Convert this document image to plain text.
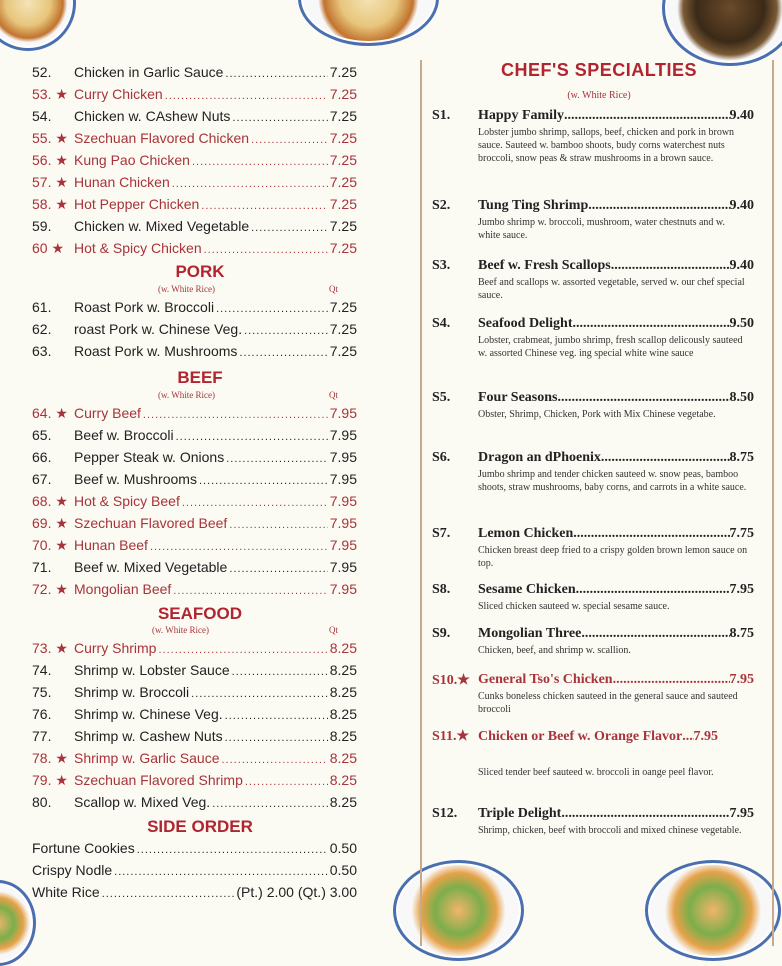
PORK
(w. White Rice)	Qt
BEEF
(w. White Rice)	Qt
SEAFOOD
(w. White Rice)	Qt
SIDE ORDER
52.	Chicken in Garlic Sauce .....	7.25
53. ★ Curry Chicken .....	7.25
54.	Chicken w. CAshew Nuts .....	7.25
55. ★ Szechuan Flavored Chicken .....	7.25
56. ★ Kung Pao Chicken .....	7.25
57. ★ Hunan Chicken .....	7.25
58. ★ Hot Pepper Chicken .....	7.25
59.	Chicken w. Mixed Vegetable .....	7.25
60 ★ Hot & Spicy Chicken .....	7.25
61.	Roast Pork w. Broccoli .....	7.25
62.	roast Pork w. Chinese Veg. .....	7.25
63.	Roast Pork w. Mushrooms .....	7.25
64. ★ Curry Beef .....	7.95
65.	Beef w. Broccoli .....	7.95
66.	Pepper Steak w. Onions .....	7.95
67.	Beef w. Mushrooms .....	7.95
68. ★ Hot & Spicy Beef .....	7.95
69. ★ Szechuan Flavored Beef .....	7.95
70. ★ Hunan Beef .....	7.95
71.	Beef w. Mixed Vegetable .....	7.95
72. ★ Mongolian Beef .....	7.95
73. ★ Curry Shrimp .....	8.25
74.	Shrimp w. Lobster Sauce .....	8.25
75.	Shrimp w. Broccoli .....	8.25
76.	Shrimp w. Chinese Veg. .....	8.25
77.	Shrimp w. Cashew Nuts .....	8.25
78. ★ Shrimp w. Garlic Sauce .....	8.25
79. ★ Szechuan Flavored Shrimp .....	8.25
80.	Scallop w. Mixed Veg. .....	8.25
Fortune Cookies .....	0.50
Crispy Nodle .....	0.50
White Rice .....	(Pt.) 2.00 (Qt.) 3.00
CHEF'S SPECIALTIES
(w. White Rice)
S1. Happy Family .....	9.40
Lobster jumbo shrimp, sallops, beef, chicken and pork in brown sauce. Sauteed w. bamboo shoots, budy corns waterchest nuts broccoli, snow peas & straw mushrooms in a brown sauce.
S2. Tung Ting Shrimp .....	9.40
Jumbo shrimp w. broccoli, mushroom, water chestnuts and w. white sauce.
S3. Beef w. Fresh Scallops .....	9.40
Beef and scallops w. assorted vegetable, served w. our chef special sauce.
S4. Seafood Delight .....	9.50
Lobster, crabmeat, jumbo shrimp, fresh scallop delicously sauteed w. assorted Chinese veg. ing special white wine sauce
S5. Four Seasons .....	8.50
Obster, Shrimp, Chicken, Pork with Mix Chinese vegetabe.
S6. Dragon an dPhoenix .....	8.75
Jumbo shrimp and tender chicken sauteed w. snow peas, bamboo shoots, straw mushrooms, baby corns, and carrots in a white sauce.
S7. Lemon Chicken .....	7.75
Chicken breast deep fried to a crispy golden brown lemon sauce on top.
S8. Sesame Chicken .....	7.95
Sliced chicken sauteed w. special sesame sauce.
S9. Mongolian Three .....	8.75
Chicken, beef, and shrimp w. scallion.
S10.★ General Tso's Chicken .....	7.95
Cunks boneless chicken sauteed in the general sauce and sauteed broccoli
S11.★ Chicken or Beef w. Orange Flavor ..... 7.95
Sliced tender beef sauteed w. broccoli in oange peel flavor.
S12. Triple Delight .....	7.95
Shrimp, chicken, beef with broccoli and mixed chinese vegetable.
